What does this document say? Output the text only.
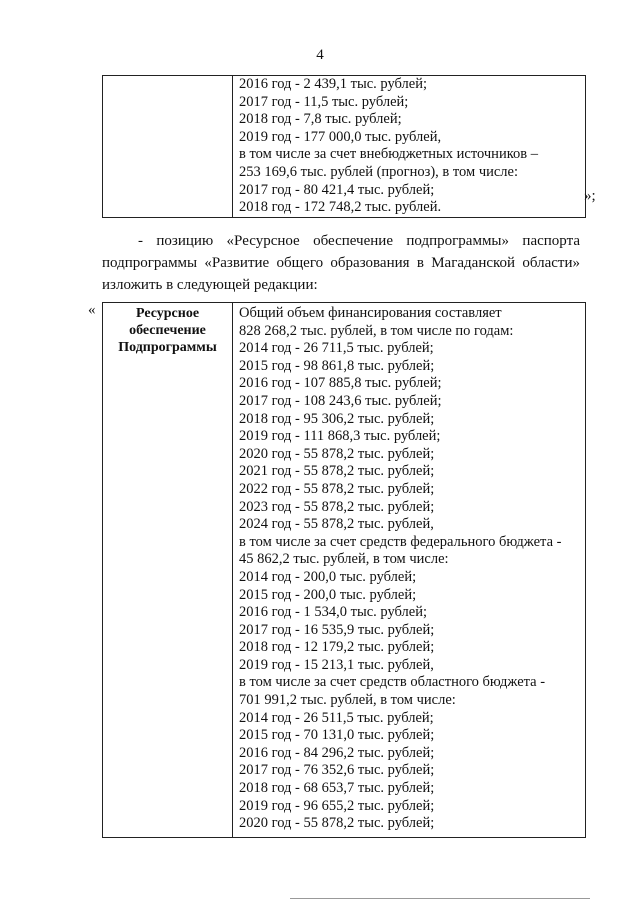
4

2016 год - 2 439,1 тыс. рублей;
2017 год - 11,5 тыс. рублей;
2018 год - 7,8 тыс. рублей;
2019 год - 177 000,0 тыс. рублей,
в том числе за счет внебюджетных источников –
253 169,6 тыс. рублей (прогноз), в том числе:
2017 год - 80 421,4 тыс. рублей;
2018 год - 172 748,2 тыс. рублей.
»;
- позицию «Ресурсное обеспечение подпрограммы» паспорта
подпрограммы «Развитие общего образования в Магаданской области»
изложить в следующей редакции:
«	Ресурсное
обеспечение
Подпрограммы

Общий объем финансирования составляет
828 268,2 тыс. рублей, в том числе по годам:
2014 год - 26 711,5 тыс. рублей;
2015 год - 98 861,8 тыс. рублей;
2016 год - 107 885,8 тыс. рублей;
2017 год - 108 243,6 тыс. рублей;
2018 год - 95 306,2 тыс. рублей;
2019 год - 111 868,3 тыс. рублей;
2020 год - 55 878,2 тыс. рублей;
2021 год - 55 878,2 тыс. рублей;
2022 год - 55 878,2 тыс. рублей;
2023 год - 55 878,2 тыс. рублей;
2024 год - 55 878,2 тыс. рублей,
в том числе за счет средств федерального бюджета -
45 862,2 тыс. рублей, в том числе:
2014 год - 200,0 тыс. рублей;
2015 год - 200,0 тыс. рублей;
2016 год - 1 534,0 тыс. рублей;
2017 год - 16 535,9 тыс. рублей;
2018 год - 12 179,2 тыс. рублей;
2019 год - 15 213,1 тыс. рублей,
в том числе за счет средств областного бюджета -
701 991,2 тыс. рублей, в том числе:
2014 год - 26 511,5 тыс. рублей;
2015 год - 70 131,0 тыс. рублей;
2016 год - 84 296,2 тыс. рублей;
2017 год - 76 352,6 тыс. рублей;
2018 год - 68 653,7 тыс. рублей;
2019 год - 96 655,2 тыс. рублей;
2020 год - 55 878,2 тыс. рублей;
